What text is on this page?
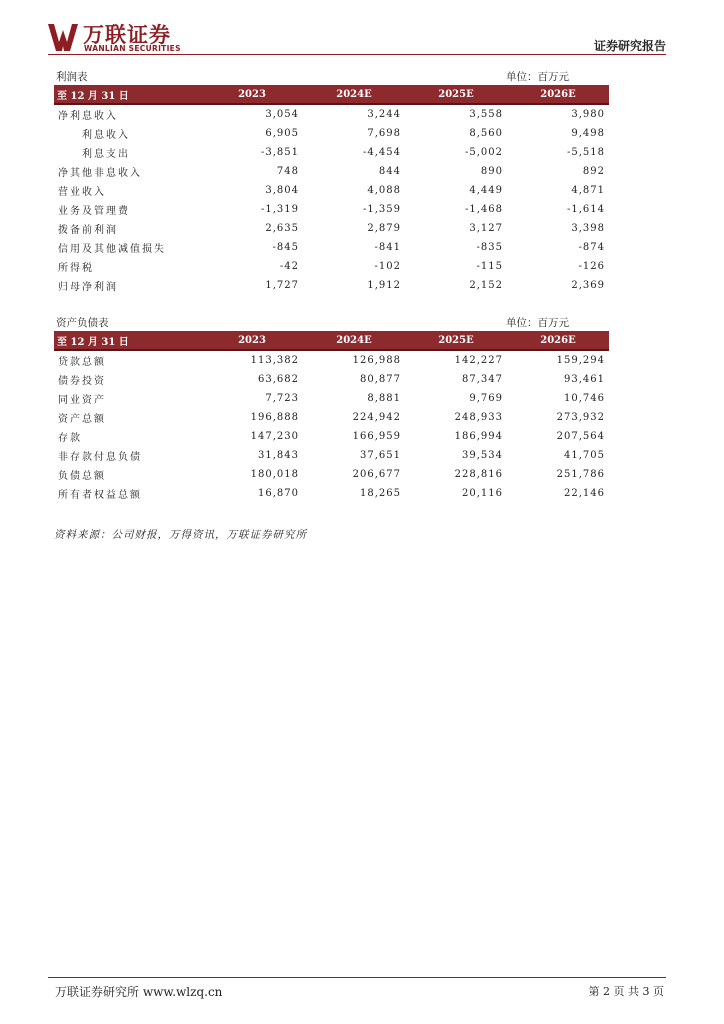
万联证券
WANLIAN SECURITIES	证券研究报告
利润表	单位：百万元
至 12 月 31 日	2023	2024E	2025E	2026E
净利息收入	3,054	3,244	3,558	3,980
利息收入	6,905	7,698	8,560	9,498
利息支出	-3,851	-4,454	-5,002	-5,518
净其他非息收入	748	844	890	892
营业收入	3,804	4,088	4,449	4,871
业务及管理费	-1,319	-1,359	-1,468	-1,614
拨备前利润	2,635	2,879	3,127	3,398
信用及其他减值损失	-845	-841	-835	-874
所得税	-42	-102	-115	-126
归母净利润	1,727	1,912	2,152	2,369
资产负债表	单位：百万元
至 12 月 31 日	2023	2024E	2025E	2026E
贷款总额	113,382	126,988	142,227	159,294
债券投资	63,682	80,877	87,347	93,461
同业资产	7,723	8,881	9,769	10,746
资产总额	196,888	224,942	248,933	273,932
存款	147,230	166,959	186,994	207,564
非存款付息负债	31,843	37,651	39,534	41,705
负债总额	180,018	206,677	228,816	251,786
所有者权益总额	16,870	18,265	20,116	22,146
资料来源：公司财报，万得资讯，万联证券研究所
万联证券研究所 www.wlzq.cn	第 2 页 共 3 页
